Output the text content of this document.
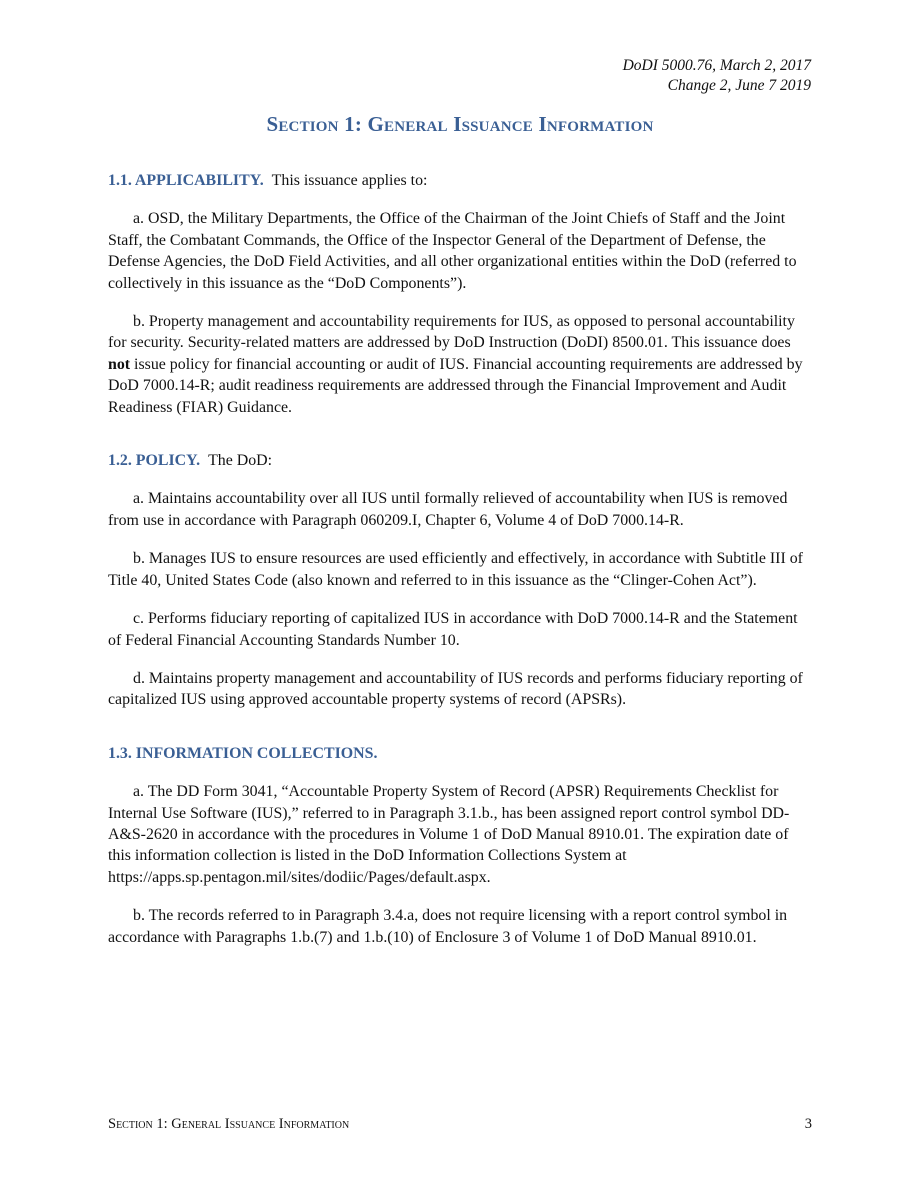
DoDI 5000.76, March 2, 2017
Change 2, June 7 2019
Section 1: General Issuance Information

1.1. APPLICABILITY. This issuance applies to:

a. OSD, the Military Departments, the Office of the Chairman of the Joint Chiefs of Staff and the Joint Staff, the Combatant Commands, the Office of the Inspector General of the Department of Defense, the Defense Agencies, the DoD Field Activities, and all other organizational entities within the DoD (referred to collectively in this issuance as the “DoD Components”).

b. Property management and accountability requirements for IUS, as opposed to personal accountability for security. Security-related matters are addressed by DoD Instruction (DoDI) 8500.01. This issuance does not issue policy for financial accounting or audit of IUS. Financial accounting requirements are addressed by DoD 7000.14-R; audit readiness requirements are addressed through the Financial Improvement and Audit Readiness (FIAR) Guidance.

1.2. POLICY. The DoD:

a. Maintains accountability over all IUS until formally relieved of accountability when IUS is removed from use in accordance with Paragraph 060209.I, Chapter 6, Volume 4 of DoD 7000.14-R.

b. Manages IUS to ensure resources are used efficiently and effectively, in accordance with Subtitle III of Title 40, United States Code (also known and referred to in this issuance as the “Clinger-Cohen Act”).

c. Performs fiduciary reporting of capitalized IUS in accordance with DoD 7000.14-R and the Statement of Federal Financial Accounting Standards Number 10.

d. Maintains property management and accountability of IUS records and performs fiduciary reporting of capitalized IUS using approved accountable property systems of record (APSRs).

1.3. INFORMATION COLLECTIONS.

a. The DD Form 3041, “Accountable Property System of Record (APSR) Requirements Checklist for Internal Use Software (IUS),” referred to in Paragraph 3.1.b., has been assigned report control symbol DD- A&S-2620 in accordance with the procedures in Volume 1 of DoD Manual 8910.01. The expiration date of this information collection is listed in the DoD Information Collections System at https://apps.sp.pentagon.mil/sites/dodiic/Pages/default.aspx.

b. The records referred to in Paragraph 3.4.a, does not require licensing with a report control symbol in accordance with Paragraphs 1.b.(7) and 1.b.(10) of Enclosure 3 of Volume 1 of DoD Manual 8910.01.

Section 1: General Issuance Information	3
